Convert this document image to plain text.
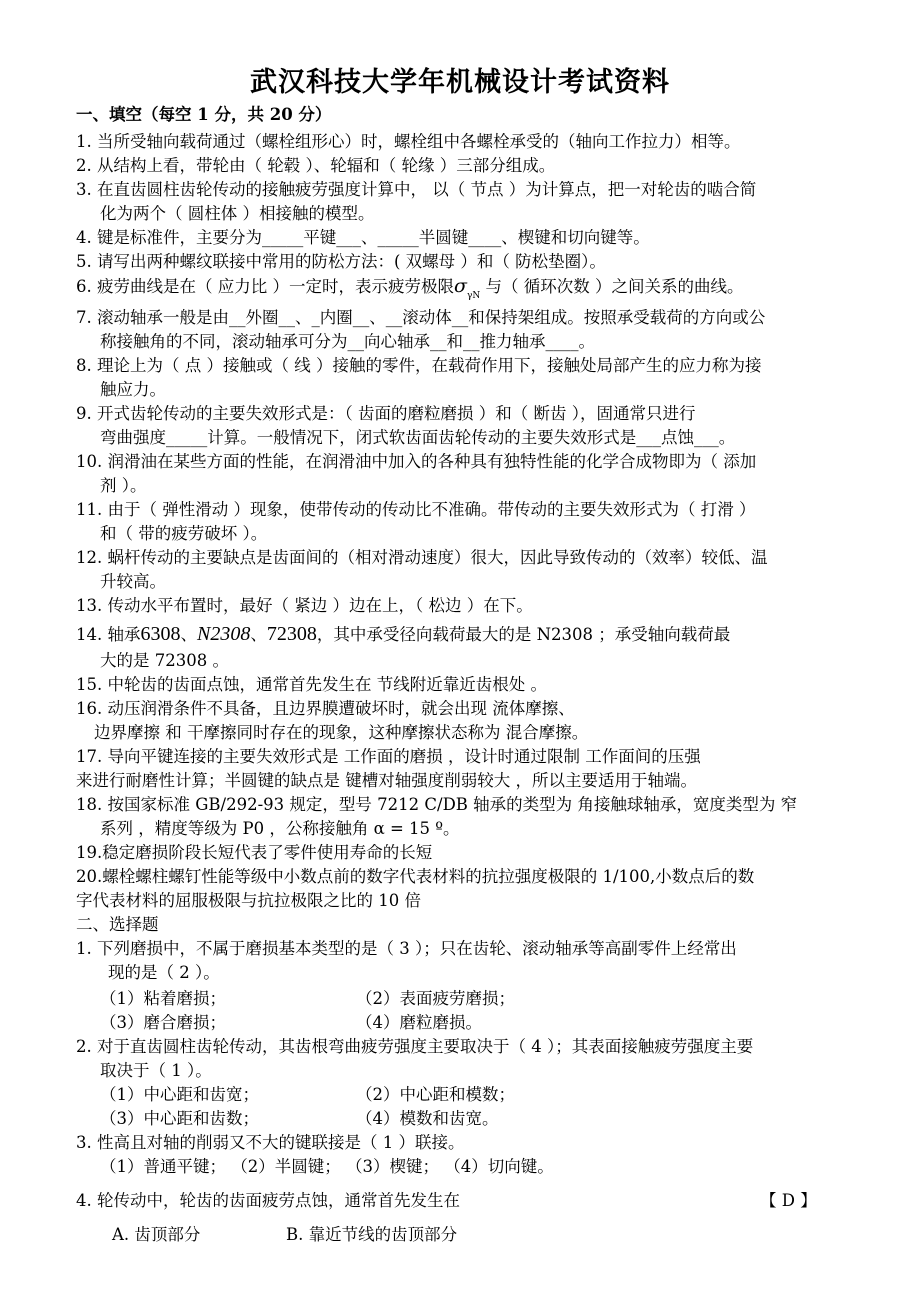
武汉科技大学年机械设计考试资料
一、填空（每空 1 分，共 20 分）
1. 当所受轴向载荷通过（螺栓组形心）时，螺栓组中各螺栓承受的（轴向工作拉力）相等。
2. 从结构上看，带轮由（ 轮毂 ）、轮辐和（ 轮缘 ）三部分组成。
3. 在直齿圆柱齿轮传动的接触疲劳强度计算中， 以（ 节点 ）为计算点，把一对轮齿的啮合简
化为两个（ 圆柱体 ）相接触的模型。
4. 键是标准件，主要分为_____平键___、_____半圆键____、楔键和切向键等。
5. 请写出两种螺纹联接中常用的防松方法：( 双螺母 ）和（ 防松垫圈）。
6. 疲劳曲线是在（ 应力比 ）一定时，表示疲劳极限$\sigma_{\gamma N}$ 与（ 循环次数 ）之间关系的曲线。
7. 滚动轴承一般是由__外圈__、_内圈__、__滚动体__和保持架组成。按照承受载荷的方向或公
称接触角的不同，滚动轴承可分为__向心轴承__和__推力轴承____。
8. 理论上为（ 点 ）接触或（ 线 ）接触的零件，在载荷作用下，接触处局部产生的应力称为接
触应力。
9. 开式齿轮传动的主要失效形式是：（ 齿面的磨粒磨损 ）和（ 断齿 ），固通常只进行
弯曲强度_____计算。一般情况下，闭式软齿面齿轮传动的主要失效形式是___点蚀___。
10. 润滑油在某些方面的性能，在润滑油中加入的各种具有独特性能的化学合成物即为（ 添加
剂 ）。
11. 由于（ 弹性滑动 ）现象，使带传动的传动比不准确。带传动的主要失效形式为（ 打滑 ）
和（ 带的疲劳破坏 ）。
12. 蜗杆传动的主要缺点是齿面间的（相对滑动速度）很大，因此导致传动的（效率）较低、温
升较高。
13. 传动水平布置时，最好（ 紧边 ）边在上，（ 松边 ）在下。
14. 轴承6308、N2308、72308，其中承受径向载荷最大的是 N2308 ；承受轴向载荷最
大的是 72308 。
15. 中轮齿的齿面点蚀，通常首先发生在 节线附近靠近齿根处 。
16. 动压润滑条件不具备，且边界膜遭破坏时，就会出现 流体摩擦、
边界摩擦 和 干摩擦同时存在的现象，这种摩擦状态称为 混合摩擦。
17. 导向平键连接的主要失效形式是 工作面的磨损 ，设计时通过限制 工作面间的压强
来进行耐磨性计算；半圆键的缺点是 键槽对轴强度削弱较大 ，所以主要适用于轴端。
18. 按国家标准 GB/292-93 规定，型号 7212 C/DB 轴承的类型为 角接触球轴承，宽度类型为 窄
系列 ，精度等级为 P0 ，公称接触角 α = 15 º。
19.稳定磨损阶段长短代表了零件使用寿命的长短
20.螺栓螺柱螺钉性能等级中小数点前的数字代表材料的抗拉强度极限的 1/100,小数点后的数
字代表材料的屈服极限与抗拉极限之比的 10 倍
二、选择题
1. 下列磨损中，不属于磨损基本类型的是（ 3 ）；只在齿轮、滚动轴承等高副零件上经常出
现的是（ 2 ）。
（1）粘着磨损；	（2）表面疲劳磨损；
（3）磨合磨损；	（4）磨粒磨损。
2. 对于直齿圆柱齿轮传动，其齿根弯曲疲劳强度主要取决于（ 4 ）；其表面接触疲劳强度主要
取决于（ 1 ）。
（1）中心距和齿宽；	（2）中心距和模数；
（3）中心距和齿数；	（4）模数和齿宽。
3. 性高且对轴的削弱又不大的键联接是（ 1 ）联接。
（1）普通平键； （2）半圆键； （3）楔键； （4）切向键。
4. 轮传动中，轮齿的齿面疲劳点蚀，通常首先发生在	【 D 】
A. 齿顶部分	B. 靠近节线的齿顶部分
